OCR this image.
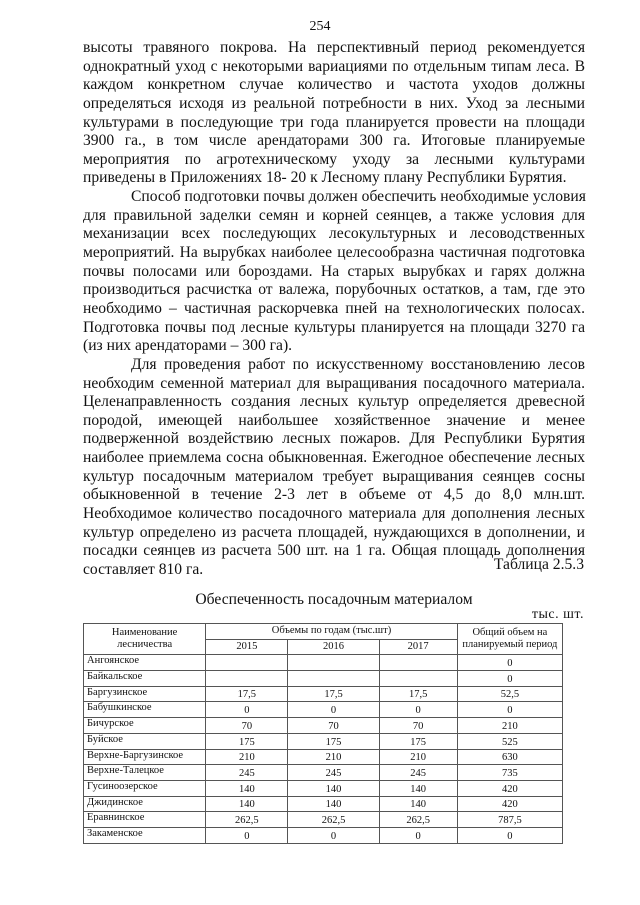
254
высоты травяного покрова. На перспективный период рекомендуется
однократный уход с некоторыми вариациями по отдельным типам леса. В
каждом конкретном случае количество и частота уходов должны
определяться исходя из реальной потребности в них. Уход за лесными
культурами в последующие три года планируется провести на площади
3900 га., в том числе арендаторами 300 га. Итоговые планируемые
мероприятия по агротехническому уходу за лесными культурами
приведены в Приложениях 18- 20 к Лесному плану Республики Бурятия.
Способ подготовки почвы должен обеспечить необходимые условия
для правильной заделки семян и корней сеянцев, а также условия для
механизации всех последующих лесокультурных и лесоводственных
мероприятий. На вырубках наиболее целесообразна частичная подготовка
почвы полосами или бороздами. На старых вырубках и гарях должна
производиться расчистка от валежа, порубочных остатков, а там, где это
необходимо – частичная раскорчевка пней на технологических полосах.
Подготовка почвы под лесные культуры планируется на площади 3270 га
(из них арендаторами – 300 га).
Для проведения работ по искусственному восстановлению лесов
необходим семенной материал для выращивания посадочного материала.
Целенаправленность создания лесных культур определяется древесной
породой, имеющей наибольшее хозяйственное значение и менее
подверженной воздействию лесных пожаров. Для Республики Бурятия
наиболее приемлема сосна обыкновенная. Ежегодное обеспечение лесных
культур посадочным материалом требует выращивания сеянцев сосны
обыкновенной в течение 2-3 лет в объеме от 4,5 до 8,0 млн.шт.
Необходимое количество посадочного материала для дополнения лесных
культур определено из расчета площадей, нуждающихся в дополнении, и
посадки сеянцев из расчета 500 шт. на 1 га. Общая площадь дополнения
составляет 810 га.	Таблица 2.5.3
Обеспеченность посадочным материалом
тыс. шт.
Наименование лесничества	Объемы по годам (тыс.шт)			Общий объем на планируемый период
	2015	2016	2017	
Ангоянское				0
Байкальское				0
Баргузинское	17,5	17,5	17,5	52,5
Бабушкинское	0	0	0	0
Бичурское	70	70	70	210
Буйское	175	175	175	525
Верхне-Баргузинское	210	210	210	630
Верхне-Талецкое	245	245	245	735
Гусиноозерское	140	140	140	420
Джидинское	140	140	140	420
Еравнинское	262,5	262,5	262,5	787,5
Закаменское	0	0	0	0
